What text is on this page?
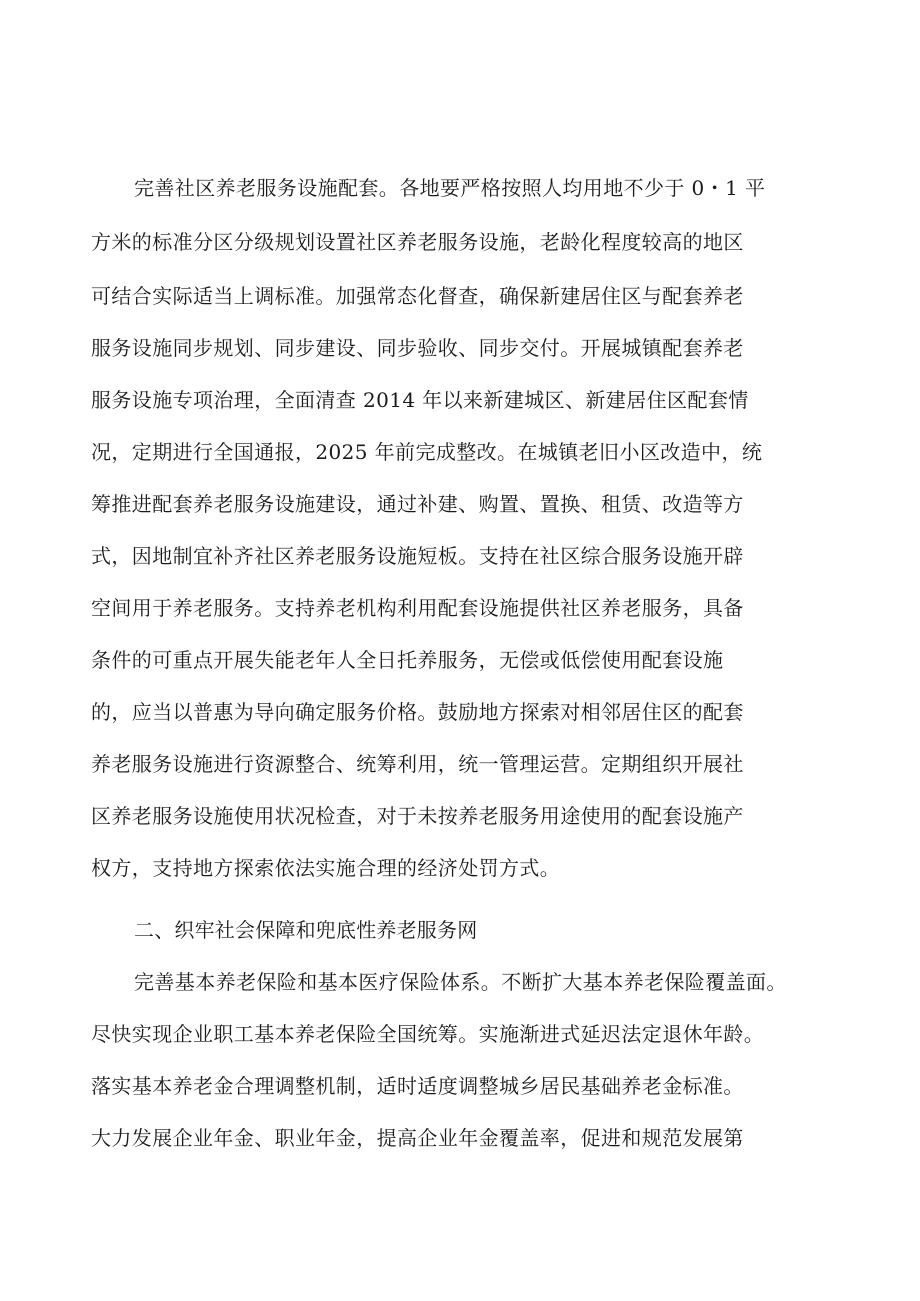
完善社区养老服务设施配套。各地要严格按照人均用地不少于 0・1 平
方米的标准分区分级规划设置社区养老服务设施，老龄化程度较高的地区
可结合实际适当上调标准。加强常态化督查，确保新建居住区与配套养老
服务设施同步规划、同步建设、同步验收、同步交付。开展城镇配套养老
服务设施专项治理，全面清查 2014 年以来新建城区、新建居住区配套情
况，定期进行全国通报，2025 年前完成整改。在城镇老旧小区改造中，统
筹推进配套养老服务设施建设，通过补建、购置、置换、租赁、改造等方
式，因地制宜补齐社区养老服务设施短板。支持在社区综合服务设施开辟
空间用于养老服务。支持养老机构利用配套设施提供社区养老服务，具备
条件的可重点开展失能老年人全日托养服务，无偿或低偿使用配套设施
的，应当以普惠为导向确定服务价格。鼓励地方探索对相邻居住区的配套
养老服务设施进行资源整合、统筹利用，统一管理运营。定期组织开展社
区养老服务设施使用状况检查，对于未按养老服务用途使用的配套设施产
权方，支持地方探索依法实施合理的经济处罚方式。
二、织牢社会保障和兜底性养老服务网
完善基本养老保险和基本医疗保险体系。不断扩大基本养老保险覆盖面。
尽快实现企业职工基本养老保险全国统筹。实施渐进式延迟法定退休年龄。
落实基本养老金合理调整机制，适时适度调整城乡居民基础养老金标准。
大力发展企业年金、职业年金，提高企业年金覆盖率，促进和规范发展第
